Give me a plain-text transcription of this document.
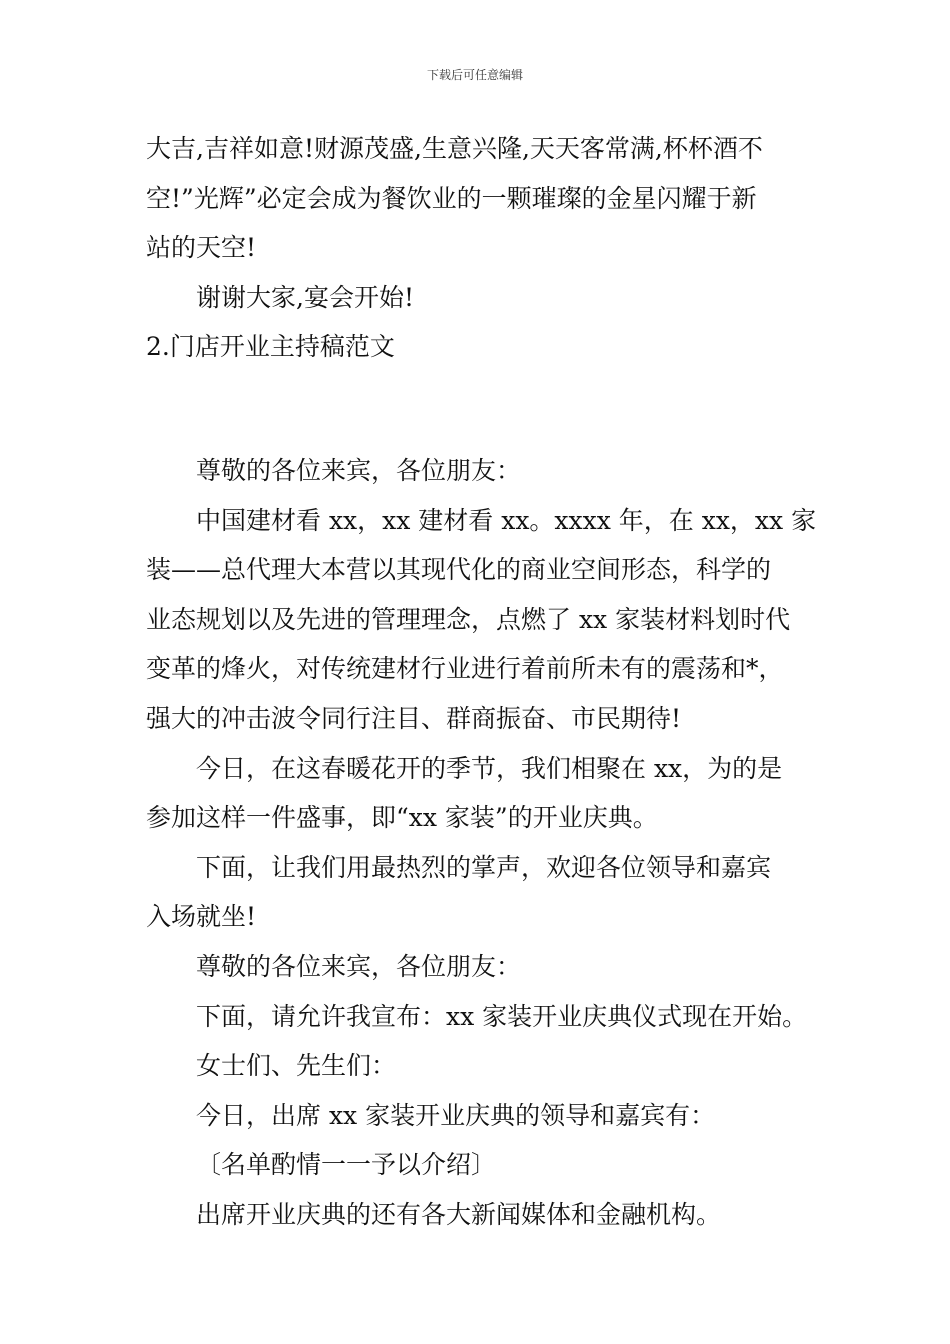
下载后可任意编辑
大吉,吉祥如意!财源茂盛,生意兴隆,天天客常满,杯杯酒不
空!”光辉”必定会成为餐饮业的一颗璀璨的金星闪耀于新
站的天空!
谢谢大家,宴会开始!
2.门店开业主持稿范文
尊敬的各位来宾，各位朋友：
中国建材看 xx，xx 建材看 xx。xxxx 年，在 xx，xx 家
装——总代理大本营以其现代化的商业空间形态，科学的
业态规划以及先进的管理理念，点燃了 xx 家装材料划时代
变革的烽火，对传统建材行业进行着前所未有的震荡和*，
强大的冲击波令同行注目、群商振奋、市民期待!
今日，在这春暖花开的季节，我们相聚在 xx，为的是
参加这样一件盛事，即“xx 家装”的开业庆典。
下面，让我们用最热烈的掌声，欢迎各位领导和嘉宾
入场就坐!
尊敬的各位来宾，各位朋友：
下面，请允许我宣布：xx 家装开业庆典仪式现在开始。
女士们、先生们：
今日，出席 xx 家装开业庆典的领导和嘉宾有：
〔名单酌情一一予以介绍〕
出席开业庆典的还有各大新闻媒体和金融机构。
